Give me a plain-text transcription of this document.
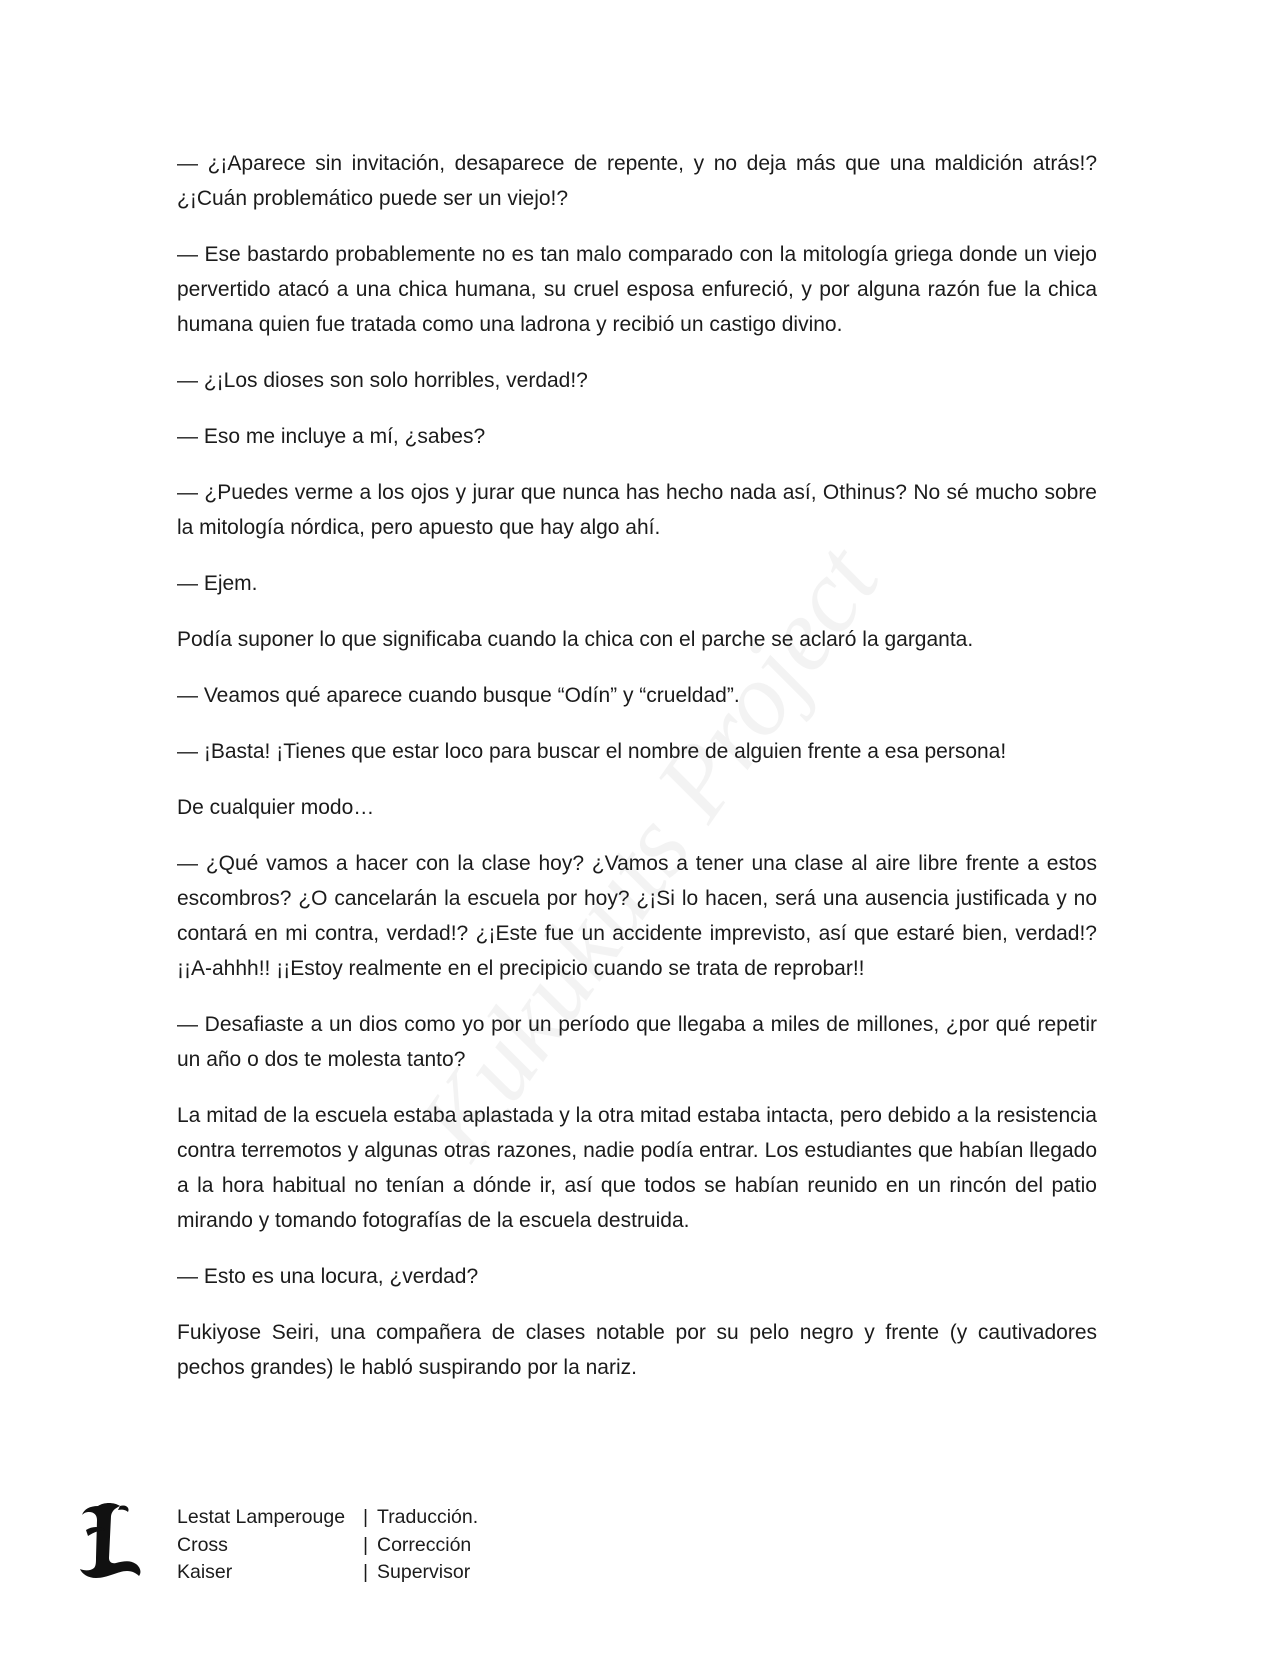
— ¿¡Aparece sin invitación, desaparece de repente, y no deja más que una maldición atrás!? ¿¡Cuán problemático puede ser un viejo!?

— Ese bastardo probablemente no es tan malo comparado con la mitología griega donde un viejo pervertido atacó a una chica humana, su cruel esposa enfureció, y por alguna razón fue la chica humana quien fue tratada como una ladrona y recibió un castigo divino.

— ¿¡Los dioses son solo horribles, verdad!?

— Eso me incluye a mí, ¿sabes?

— ¿Puedes verme a los ojos y jurar que nunca has hecho nada así, Othinus? No sé mucho sobre la mitología nórdica, pero apuesto que hay algo ahí.

— Ejem.

Podía suponer lo que significaba cuando la chica con el parche se aclaró la garganta.

— Veamos qué aparece cuando busque “Odín” y “crueldad”.

— ¡Basta! ¡Tienes que estar loco para buscar el nombre de alguien frente a esa persona!

De cualquier modo…

— ¿Qué vamos a hacer con la clase hoy? ¿Vamos a tener una clase al aire libre frente a estos escombros? ¿O cancelarán la escuela por hoy? ¿¡Si lo hacen, será una ausencia justificada y no contará en mi contra, verdad!? ¿¡Este fue un accidente imprevisto, así que estaré bien, verdad!? ¡¡A-ahhh!! ¡¡Estoy realmente en el precipicio cuando se trata de reprobar!!

— Desafiaste a un dios como yo por un período que llegaba a miles de millones, ¿por qué repetir un año o dos te molesta tanto?

La mitad de la escuela estaba aplastada y la otra mitad estaba intacta, pero debido a la resistencia contra terremotos y algunas otras razones, nadie podía entrar. Los estudiantes que habían llegado a la hora habitual no tenían a dónde ir, así que todos se habían reunido en un rincón del patio mirando y tomando fotografías de la escuela destruida.

— Esto es una locura, ¿verdad?

Fukiyose Seiri, una compañera de clases notable por su pelo negro y frente (y cautivadores pechos grandes) le habló suspirando por la nariz.

Lestat Lamperouge | Traducción.
Cross	| Corrección
Kaiser	| Supervisor
